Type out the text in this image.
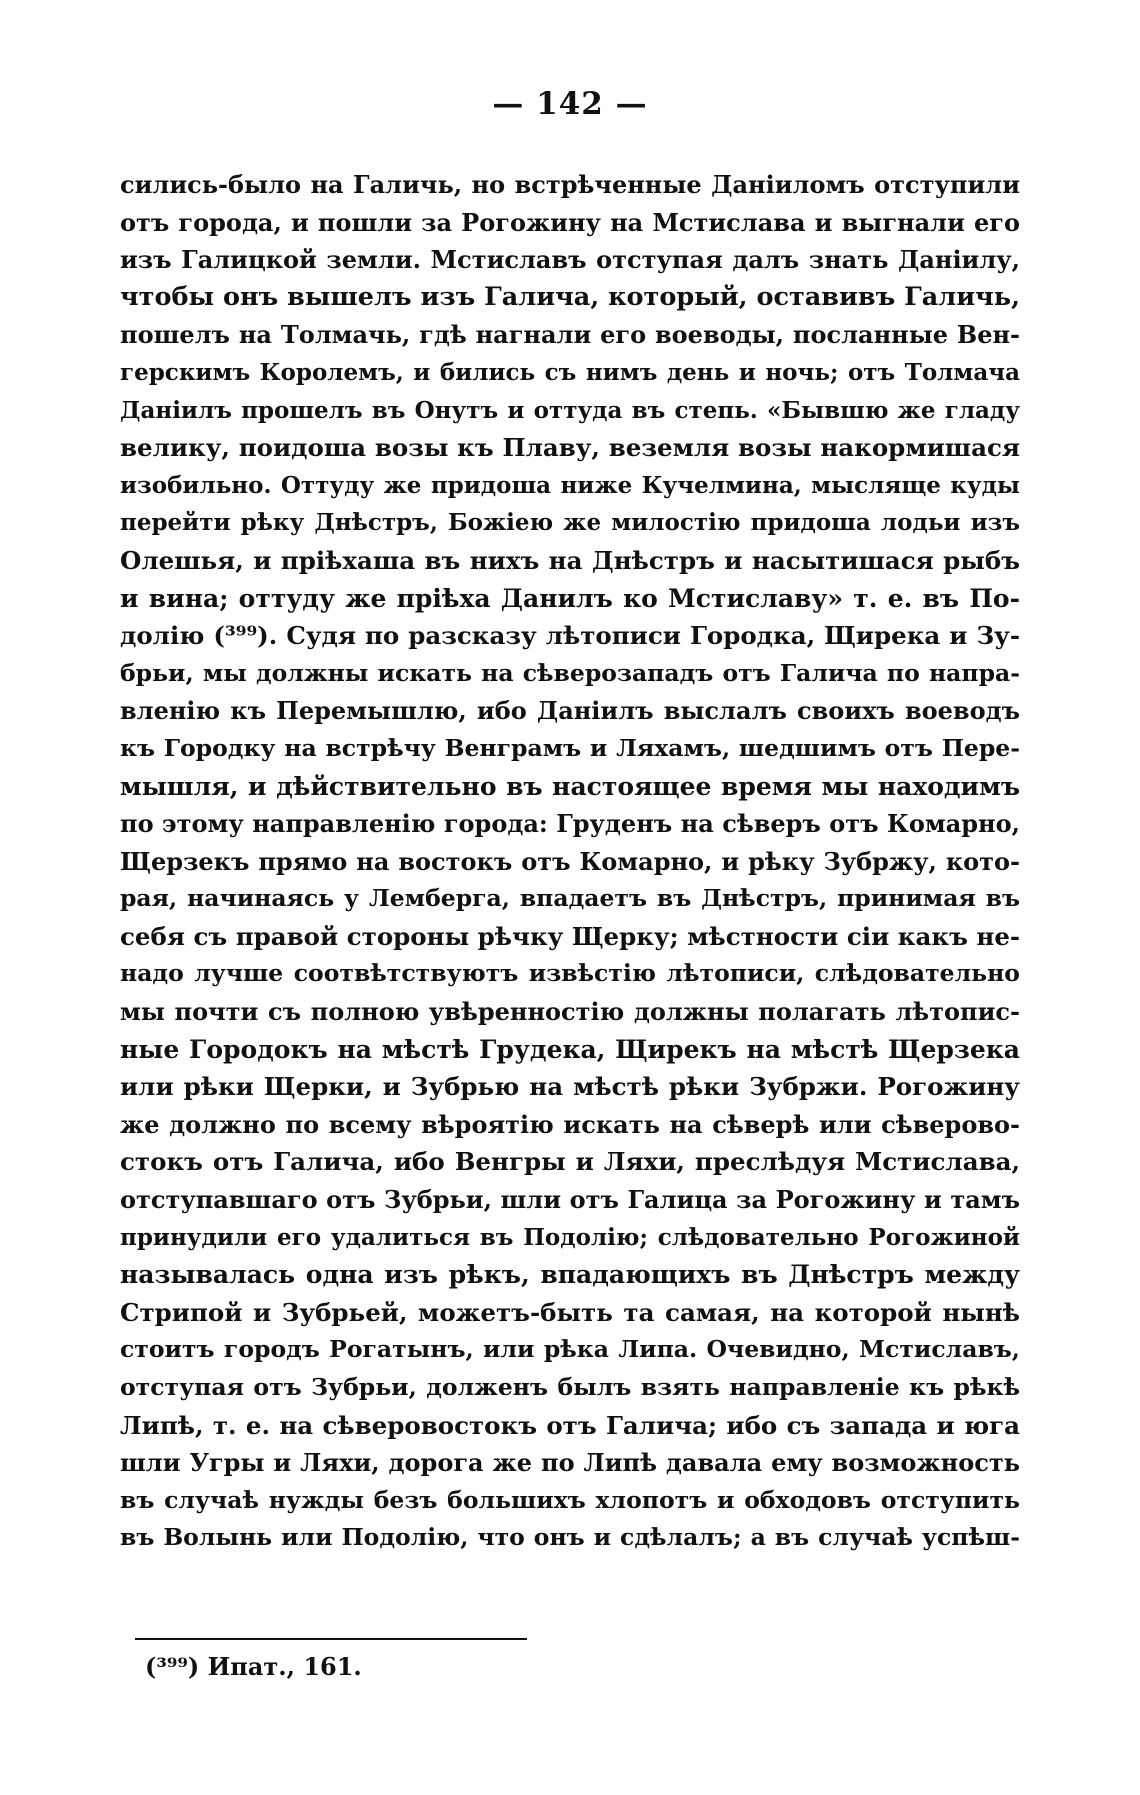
— 142 —
сились-было на Галичь, но встрѣченные Даніиломъ отступили
отъ города, и пошли за Рогожину на Мстислава и выгнали его
изъ Галицкой земли. Мстиславъ отступая далъ знать Даніилу,
чтобы онъ вышелъ изъ Галича, который, оставивъ Галичь,
пошелъ на Толмачь, гдѣ нагнали его воеводы, посланные Вен-
герскимъ Королемъ, и бились съ нимъ день и ночь; отъ Толмача
Даніилъ прошелъ въ Онутъ и оттуда въ степь. «Бывшю же гладу
велику, поидоша возы къ Плаву, веземля возы накормишася
изобильно. Оттуду же придоша ниже Кучелмина, мысляще куды
перейти рѣку Днѣстръ, Божіею же милостію придоша лодьи изъ
Олешья, и пріѣхаша въ нихъ на Днѣстръ и насытишася рыбъ
и вина; оттуду же пріѣха Данилъ ко Мстиславу» т. е. въ По-
долію (³⁹⁹). Судя по разсказу лѣтописи Городка, Щирека и Зу-
брьи, мы должны искать на сѣверозападъ отъ Галича по напра-
вленію къ Перемышлю, ибо Даніилъ выслалъ своихъ воеводъ
къ Городку на встрѣчу Венграмъ и Ляхамъ, шедшимъ отъ Пере-
мышля, и дѣйствительно въ настоящее время мы находимъ
по этому направленію города: Груденъ на сѣверъ отъ Комарно,
Щерзекъ прямо на востокъ отъ Комарно, и рѣку Зубржу, кото-
рая, начинаясь у Лемберга, впадаетъ въ Днѣстръ, принимая въ
себя съ правой стороны рѣчку Щерку; мѣстности сіи какъ не-
надо лучше соотвѣтствуютъ извѣстію лѣтописи, слѣдовательно
мы почти съ полною увѣренностію должны полагать лѣтопис-
ные Городокъ на мѣстѣ Грудека, Щирекъ на мѣстѣ Щерзека
или рѣки Щерки, и Зубрью на мѣстѣ рѣки Зубржи. Рогожину
же должно по всему вѣроятію искать на сѣверѣ или сѣверово-
стокъ отъ Галича, ибо Венгры и Ляхи, преслѣдуя Мстислава,
отступавшаго отъ Зубрьи, шли отъ Галица за Рогожину и тамъ
принудили его удалиться въ Подолію; слѣдовательно Рогожиной
называлась одна изъ рѣкъ, впадающихъ въ Днѣстръ между
Стрипой и Зубрьей, можетъ-быть та самая, на которой нынѣ
стоитъ городъ Рогатынъ, или рѣка Липа. Очевидно, Мстиславъ,
отступая отъ Зубрьи, долженъ былъ взять направленіе къ рѣкѣ
Липѣ, т. е. на сѣверовостокъ отъ Галича; ибо съ запада и юга
шли Угры и Ляхи, дорога же по Липѣ давала ему возможность
въ случаѣ нужды безъ большихъ хлопотъ и обходовъ отступить
въ Волынь или Подолію, что онъ и сдѣлалъ; а въ случаѣ успѣш-
(³⁹⁹) Ипат., 161.
